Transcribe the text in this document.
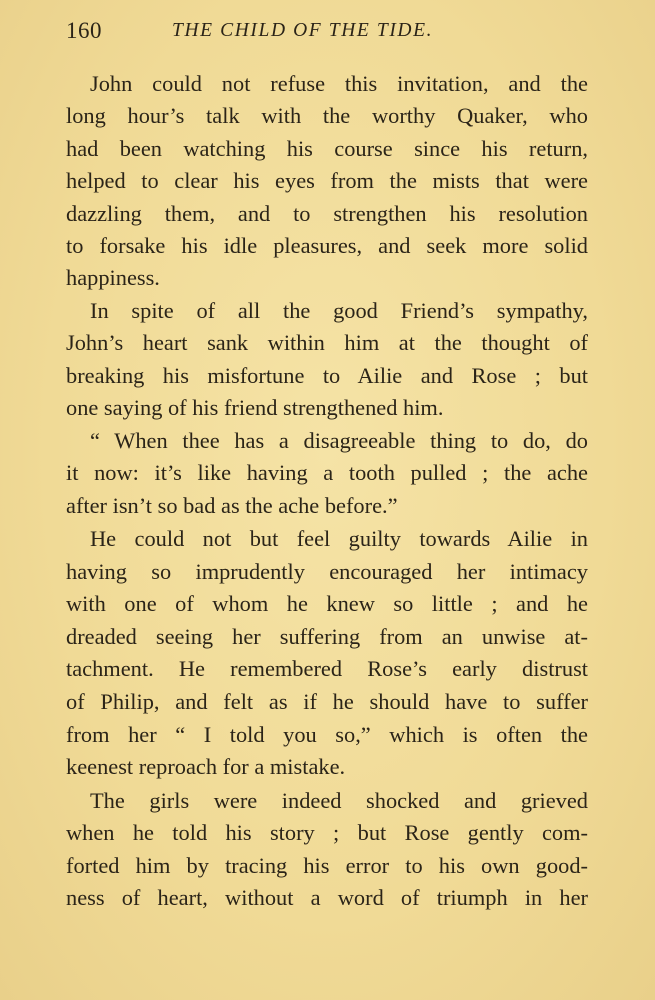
160	THE CHILD OF THE TIDE.
John could not refuse this invitation, and the
long hour’s talk with the worthy Quaker, who
had been watching his course since his return,
helped to clear his eyes from the mists that were
dazzling them, and to strengthen his resolution
to forsake his idle pleasures, and seek more solid
happiness.
In spite of all the good Friend’s sympathy,
John’s heart sank within him at the thought of
breaking his misfortune to Ailie and Rose ; but
one saying of his friend strengthened him.
“ When thee has a disagreeable thing to do, do
it now: it’s like having a tooth pulled ; the ache
after isn’t so bad as the ache before.”
He could not but feel guilty towards Ailie in
having so imprudently encouraged her intimacy
with one of whom he knew so little ; and he
dreaded seeing her suffering from an unwise at-
tachment. He remembered Rose’s early distrust
of Philip, and felt as if he should have to suffer
from her “ I told you so,” which is often the
keenest reproach for a mistake.
The girls were indeed shocked and grieved
when he told his story ; but Rose gently com-
forted him by tracing his error to his own good-
ness of heart, without a word of triumph in her
